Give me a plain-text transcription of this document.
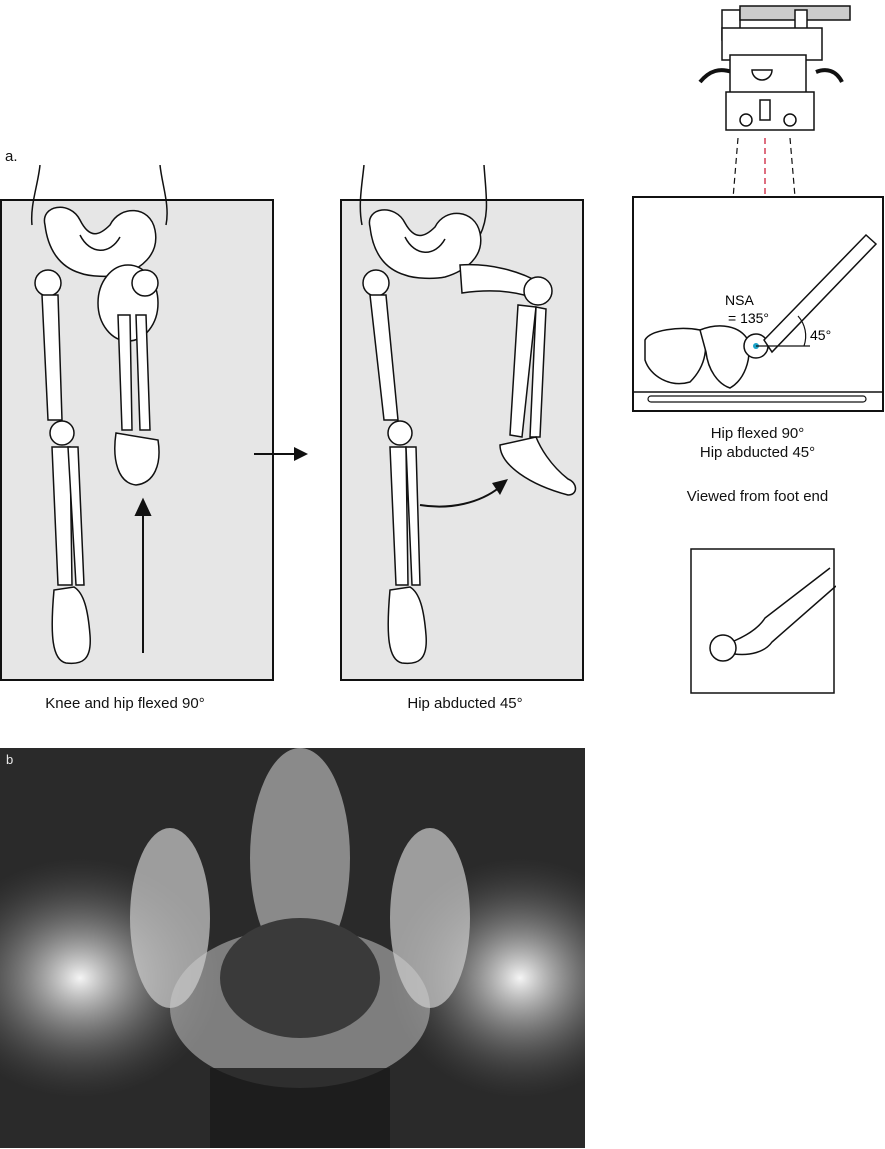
a.
Knee and hip flexed 90°	Hip abducted 45°
NSA
= 135°
45°
Hip flexed 90°
Hip abducted 45°
Viewed from foot end
b
